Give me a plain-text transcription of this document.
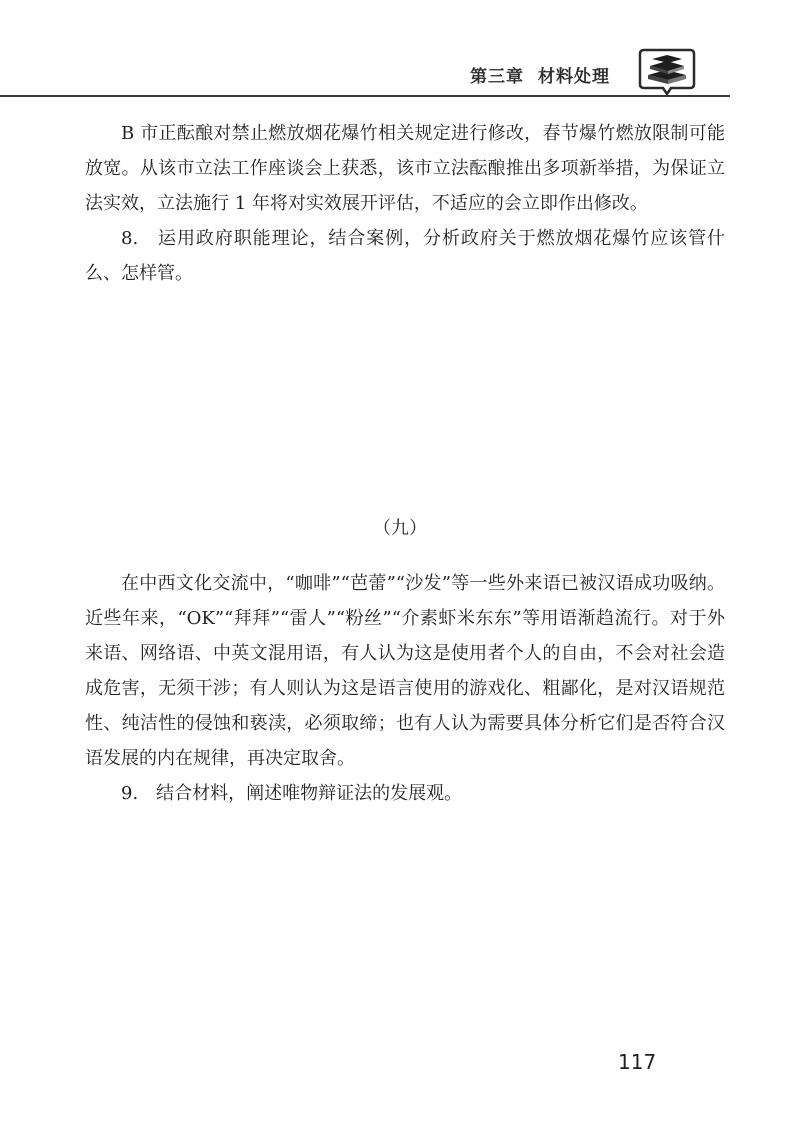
第三章 材料处理

B 市正酝酿对禁止燃放烟花爆竹相关规定进行修改，春节爆竹燃放限制可能放宽。从该市立法工作座谈会上获悉，该市立法酝酿推出多项新举措，为保证立法实效，立法施行 1 年将对实效展开评估，不适应的会立即作出修改。

8.　运用政府职能理论，结合案例，分析政府关于燃放烟花爆竹应该管什么、怎样管。

（九）

在中西文化交流中，“咖啡”“芭蕾”“沙发”等一些外来语已被汉语成功吸纳。近些年来，“OK”“拜拜”“雷人”“粉丝”“介素虾米东东”等用语渐趋流行。对于外来语、网络语、中英文混用语，有人认为这是使用者个人的自由，不会对社会造成危害，无须干涉；有人则认为这是语言使用的游戏化、粗鄙化，是对汉语规范性、纯洁性的侵蚀和亵渎，必须取缔；也有人认为需要具体分析它们是否符合汉语发展的内在规律，再决定取舍。

9.　结合材料，阐述唯物辩证法的发展观。

117
